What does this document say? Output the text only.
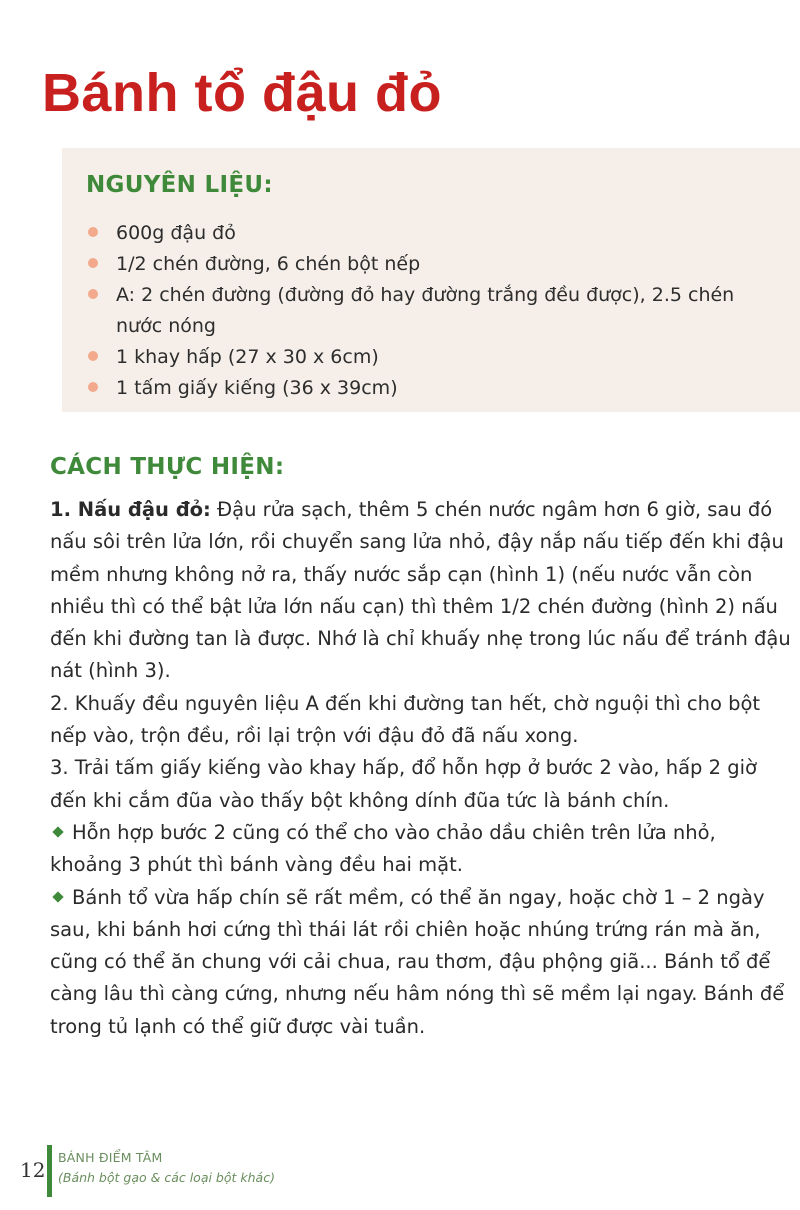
Bánh tổ đậu đỏ
NGUYÊN LIỆU:
600g đậu đỏ
1/2 chén đường, 6 chén bột nếp
A: 2 chén đường (đường đỏ hay đường trắng đều được), 2.5 chén nước nóng
1 khay hấp (27 x 30 x 6cm)
1 tấm giấy kiếng (36 x 39cm)
CÁCH THỰC HIỆN:

1. Nấu đậu đỏ: Đậu rửa sạch, thêm 5 chén nước ngâm hơn 6 giờ, sau đó nấu sôi trên lửa lớn, rồi chuyển sang lửa nhỏ, đậy nắp nấu tiếp đến khi đậu mềm nhưng không nở ra, thấy nước sắp cạn (hình 1) (nếu nước vẫn còn nhiều thì có thể bật lửa lớn nấu cạn) thì thêm 1/2 chén đường (hình 2) nấu đến khi đường tan là được. Nhớ là chỉ khuấy nhẹ trong lúc nấu để tránh đậu nát (hình 3).

2. Khuấy đều nguyên liệu A đến khi đường tan hết, chờ nguội thì cho bột nếp vào, trộn đều, rồi lại trộn với đậu đỏ đã nấu xong.

3. Trải tấm giấy kiếng vào khay hấp, đổ hỗn hợp ở bước 2 vào, hấp 2 giờ đến khi cắm đũa vào thấy bột không dính đũa tức là bánh chín.

Hỗn hợp bước 2 cũng có thể cho vào chảo dầu chiên trên lửa nhỏ, khoảng 3 phút thì bánh vàng đều hai mặt.

Bánh tổ vừa hấp chín sẽ rất mềm, có thể ăn ngay, hoặc chờ 1 – 2 ngày sau, khi bánh hơi cứng thì thái lát rồi chiên hoặc nhúng trứng rán mà ăn, cũng có thể ăn chung với cải chua, rau thơm, đậu phộng giã... Bánh tổ để càng lâu thì càng cứng, nhưng nếu hâm nóng thì sẽ mềm lại ngay. Bánh để trong tủ lạnh có thể giữ được vài tuần.

12
BÁNH ĐIỂM TÂM
(Bánh bột gạo & các loại bột khác)
